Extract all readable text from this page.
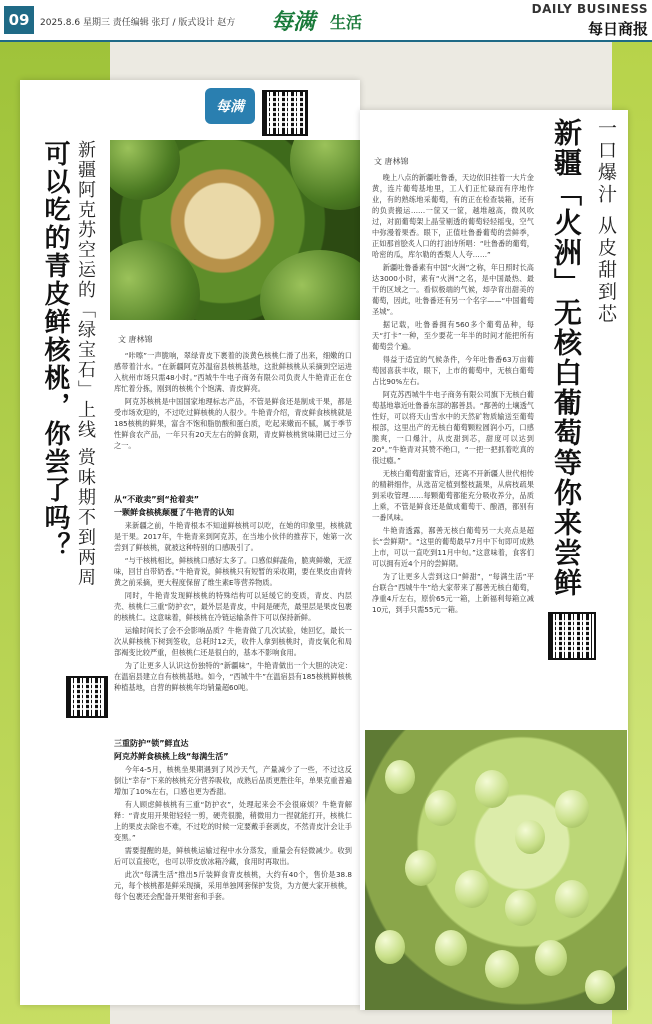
09	2025.8.6 星期三 责任编辑 张玎 / 版式设计 赵方	每满 生活
DAILY BUSINESS
每日商报
可以吃的青皮鲜核桃，你尝了吗？ 新疆阿克苏空运的「绿宝石」上线 赏味期不到两周
每满
文 唐林锦

“咔嚓”一声脆响，翠绿青皮下裹着的淡黄色核桃仁滑了出来，细嫩的口感带着汁水。“在新疆阿克苏温宿县核桃基地，这批鲜核桃从采摘到空运进入杭州市场只需48小时。”西城牛牛电子商务有限公司负责人牛艳青正在仓库忙着分拣，刚到的核桃个个饱满、青皮鲜亮。

阿克苏核桃是中国国家地理标志产品，不管是鲜食还是制成干果，都是受市场欢迎的，不过吃过鲜核桃的人很少。牛艳青介绍，青皮鲜食核桃就是185核桃的鲜果，富含不饱和脂肪酸和蛋白质，吃起来嫩而不腻，属于季节性鲜食农产品，一年只有20天左右的鲜食期，青皮鲜核桃赏味期已过三分之一。

从“不敢卖”到“抢着卖”

一颗鲜食核桃颠覆了牛艳青的认知

来新疆之前，牛艳青根本不知道鲜核桃可以吃，在她的印象里，核桃就是干果。2017年，牛艳青来到阿克苏，在当地小伙伴的推荐下，她第一次尝到了鲜核桃，就被这种特别的口感吸引了。

“与干核桃相比，鲜核桃口感好太多了。口感似鲜蔬角，脆爽鲜嫩，无涩味，回甘自带奶香。”牛艳青说，鲜核桃只有短暂的采收期，要在果皮由青转黄之前采摘，更大程度保留了维生素E等营养物质。

同时，牛艳青发现鲜核桃的特殊结构可以延缓它的变质，青皮、内层壳、核桃仁三重“防护衣”，最外层是青皮，中间是硬壳，最里层是果皮包裹的核桃仁。这意味着，鲜核桃在冷链运输条件下可以保持新鲜。

运输时间长了会不会影响品质？牛艳青做了几次试验，她回忆，最长一次从鲜核桃下树到签收，总耗时12天，收件人拿到核桃时，青皮氧化和局部褐变比较严重，但核桃仁还是很白的，基本不影响食用。

为了让更多人认识这份独特的“新疆味”，牛艳青做出一个大胆的决定：在温宿县建立自有核桃基地。如今，“西城牛牛”在温宿县有185核桃鲜核桃种植基地，自营的鲜核桃年均销量超60吨。

三重防护“锁”鲜直达

阿克苏鲜食核桃上线“每满生活”

今年4-5月，核桃坐果期遇到了风沙天气，产量减少了一些，不过这反倒让“幸存”下来的核桃充分营养吸收，成熟后品质更胜往年，单果克重普遍增加了10%左右，口感也更为香甜。

有人顾虑鲜核桃有三重“防护衣”，处理起来会不会很麻烦？牛艳青解释：“青皮用开果钳轻轻一剪，硬壳很脆，稍微用力一捏就能打开，核桃仁上的果皮去除也不难，不过吃的时候一定要戴手套剥皮，不然青皮汁会让手变黑。”

需要提醒的是，鲜核桃运输过程中水分蒸发，重量会有轻微减少。收到后可以直接吃，也可以带皮放冰箱冷藏，食用时再取出。

此次“每满生活”推出5斤装鲜食青皮核桃，大约有40个，售价是38.8元，每个核桃都是鲜采现摘，采用单独网套保护发货，为方便大家开核桃，每个包裹还会配备开果钳套和手套。

新疆「火洲」无核白葡萄等你来尝鲜 一口爆汁 从皮甜到芯
文 唐林锦

晚上八点的新疆吐鲁番，天边依旧挂着一大片金黄，连片葡萄基地里，工人们正忙碌而有序地作业，有的熟练地采葡萄，有的正在检查装箱，还有的负责搬运……一筐又一筐，越堆越高，微风吹过，对面葡萄架上晶莹剔透的葡萄轻轻摇曳，空气中弥漫着果香。眼下，正值吐鲁番葡萄的尝鲜季，正如那首脍炙人口的打油诗所唱：“吐鲁番的葡萄，哈密的瓜，库尔勒的香梨人人夸……”

新疆吐鲁番素有中国“火洲”之称，年日照时长高达3000小时，素有“火洲”之名，是中国最热、最干的区域之一。看似极端的气候，却孕育出甜美的葡萄，因此，吐鲁番还有另一个名字——“中国葡萄圣城”。

据记载，吐鲁番拥有560多个葡萄品种，每天“打卡”一种，至少要花一年半的时间才能把所有葡萄尝个遍。

得益于适宜的气候条件，今年吐鲁番63万亩葡萄园喜获丰收，眼下，上市的葡萄中，无核白葡萄占比90%左右。

阿克苏西城牛牛电子商务有限公司旗下无核白葡萄基地靠近吐鲁番东部的鄯善县。“鄯善的土壤透气性好，可以将天山雪水中的天然矿物质输送至葡萄根部，这里出产的无核白葡萄颗粒圆润小巧，口感脆爽，一口爆汁，从皮甜到芯，甜度可以达到20°。”牛艳青对其赞不绝口，“一把一把抓着吃真的很过瘾。”

无核白葡萄甜蜜背后，还离不开新疆人世代相传的精耕细作，从选苗定植到整枝蔬果，从病枝疏果到采收管理……每颗葡萄都能充分吸收养分，品质上乘，不管是鲜食还是做成葡萄干、酿酒，都别有一番风味。

牛艳青透露，鄯善无核白葡萄另一大亮点是超长“尝鲜期”。“这里的葡萄最早7月中下旬即可成熟上市，可以一直吃到11月中旬。”这意味着，食客们可以拥有近4个月的尝鲜期。

为了让更多人尝到这口“鲜甜”，“每满生活”平台联合“西城牛牛”给大家带来了鄯善无核白葡萄，净重4斤左右，原价65元一箱，上新福利每箱立减10元，到手只需55元一箱。
